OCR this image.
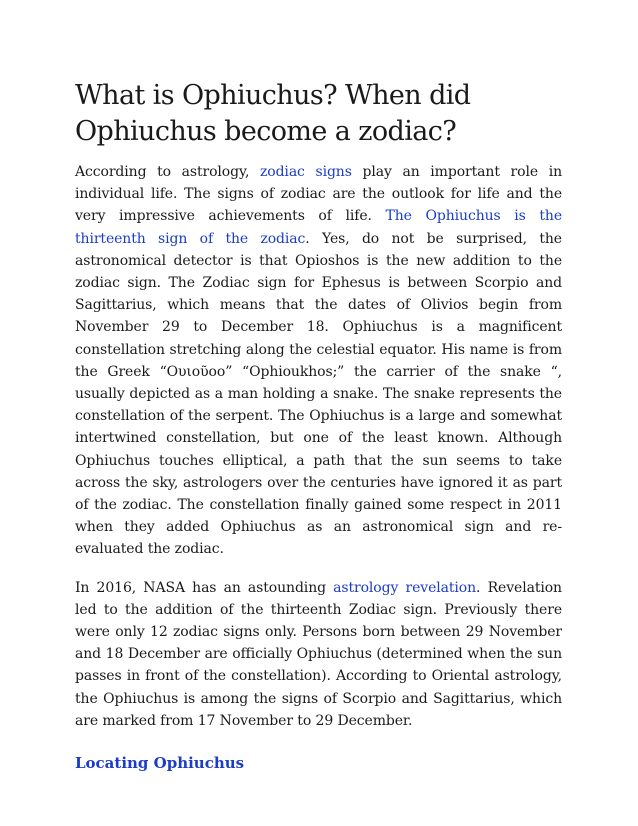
What is Ophiuchus? When did Ophiuchus become a zodiac?

According to astrology, zodiac signs play an important role in individual life. The signs of zodiac are the outlook for life and the very impressive achievements of life. The Ophiuchus is the thirteenth sign of the zodiac. Yes, do not be surprised, the astronomical detector is that Opioshos is the new addition to the zodiac sign. The Zodiac sign for Ephesus is between Scorpio and Sagittarius, which means that the dates of Olivios begin from November 29 to December 18. Ophiuchus is a magnificent constellation stretching along the celestial equator. His name is from the Greek “Ουιοῦοο” “Ophioukhos;” the carrier of the snake “, usually depicted as a man holding a snake. The snake represents the constellation of the serpent. The Ophiuchus is a large and somewhat intertwined constellation, but one of the least known. Although Ophiuchus touches elliptical, a path that the sun seems to take across the sky, astrologers over the centuries have ignored it as part of the zodiac. The constellation finally gained some respect in 2011 when they added Ophiuchus as an astronomical sign and re-evaluated the zodiac.

In 2016, NASA has an astounding astrology revelation. Revelation led to the addition of the thirteenth Zodiac sign. Previously there were only 12 zodiac signs only. Persons born between 29 November and 18 December are officially Ophiuchus (determined when the sun passes in front of the constellation). According to Oriental astrology, the Ophiuchus is among the signs of Scorpio and Sagittarius, which are marked from 17 November to 29 December.

Locating Ophiuchus
